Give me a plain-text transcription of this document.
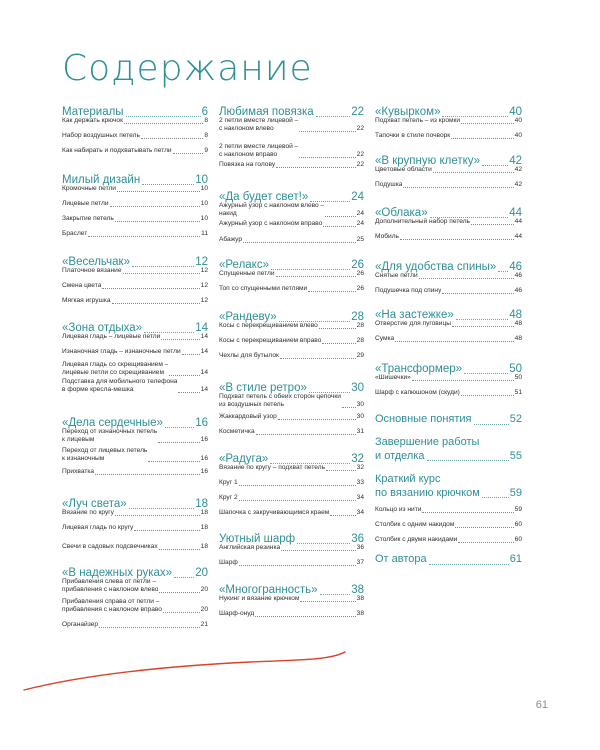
Содержание
Материалы	6
Как держать крючок	8
Набор воздушных петель	8
Как набирать и подхватывать петли	9
Милый дизайн	10
Кромочные петли	10
Лицевые петли	10
Закрытие петель	10
Браслет	11
«Весельчак»	12
Платочное вязание	12
Смена цвета	12
Мягкая игрушка	12
«Зона отдыха»	14
Лицевая гладь – лицевые петли	14
Изнаночная гладь – изнаночные петли	14
Лицевая гладь со скрещиванием –
лицевые петли со скрещиванием	14
Подставка для мобильного телефона
в форме кресла-мешка	14
«Дела сердечные»	16
Переход от изнаночных петель
к лицевым	16
Переход от лицевых петель
к изнаночным	16
Прихватка	16
«Луч света»	18
Вязание по кругу	18
Лицевая гладь по кругу	18
Свечи в садовых подсвечниках	18
«В надежных руках» 20
Прибавления слева от петли –
прибавления с наклоном влево	20
Прибавления справа от петли –
прибавления с наклоном вправо	20
Органайзер	21
Любимая повязка	22
2 петли вместе лицевой –
с наклоном влево	22
2 петли вместе лицевой –
с наклоном вправо	22
Повязка на голову	22
«Да будет свет!»	24
Ажурный узор с наклоном влево –
накид	24
Ажурный узор с наклоном вправо	24
Абажур	25
«Релакс»	26
Спущенные петли	26
Топ со спущенными петлями	26
«Рандеву»	28
Косы с перекрещиванием влево	28
Косы с перекрещиванием вправо	28
Чехлы для бутылок	29
«В стиле ретро»	30
Подхват петель с обеих сторон цепочки
из воздушных петель	30
Жаккардовый узор	30
Косметичка	31
«Радуга»	32
Вязание по кругу – подхват петель	32
Круг 1	33
Круг 2	34
Шапочка с закручивающимся краем	34
Уютный шарф	36
Английская резинка	36
Шарф	37
«Многогранность»	38
Нукинг и вязание крючком	38
Шарф-онуд	38
«Кувырком»	40
Подхват петель – из кромки	40
Тапочки в стиле почворк	40
«В крупную клетку»	42
Цветовые области	42
Подушка	42
«Облака»	44
Дополнительный набор петель	44
Мобиль	44
«Для удобства спины» 46
Снятые петли	46
Подушечка под спину	46
«На застежке»	48
Отверстие для пуговицы	48
Сумка	48
«Трансформер»	50
«Шишечки»	50
Шарф с капюшоном (скуди)	51
Основные понятия	52
Завершение работы
и отделка	55
Краткий курс
по вязанию крючком	59
Кольцо из нити	59
Столбик с одним накидом	60
Столбик с двумя накидами	60
От автора	61
61
